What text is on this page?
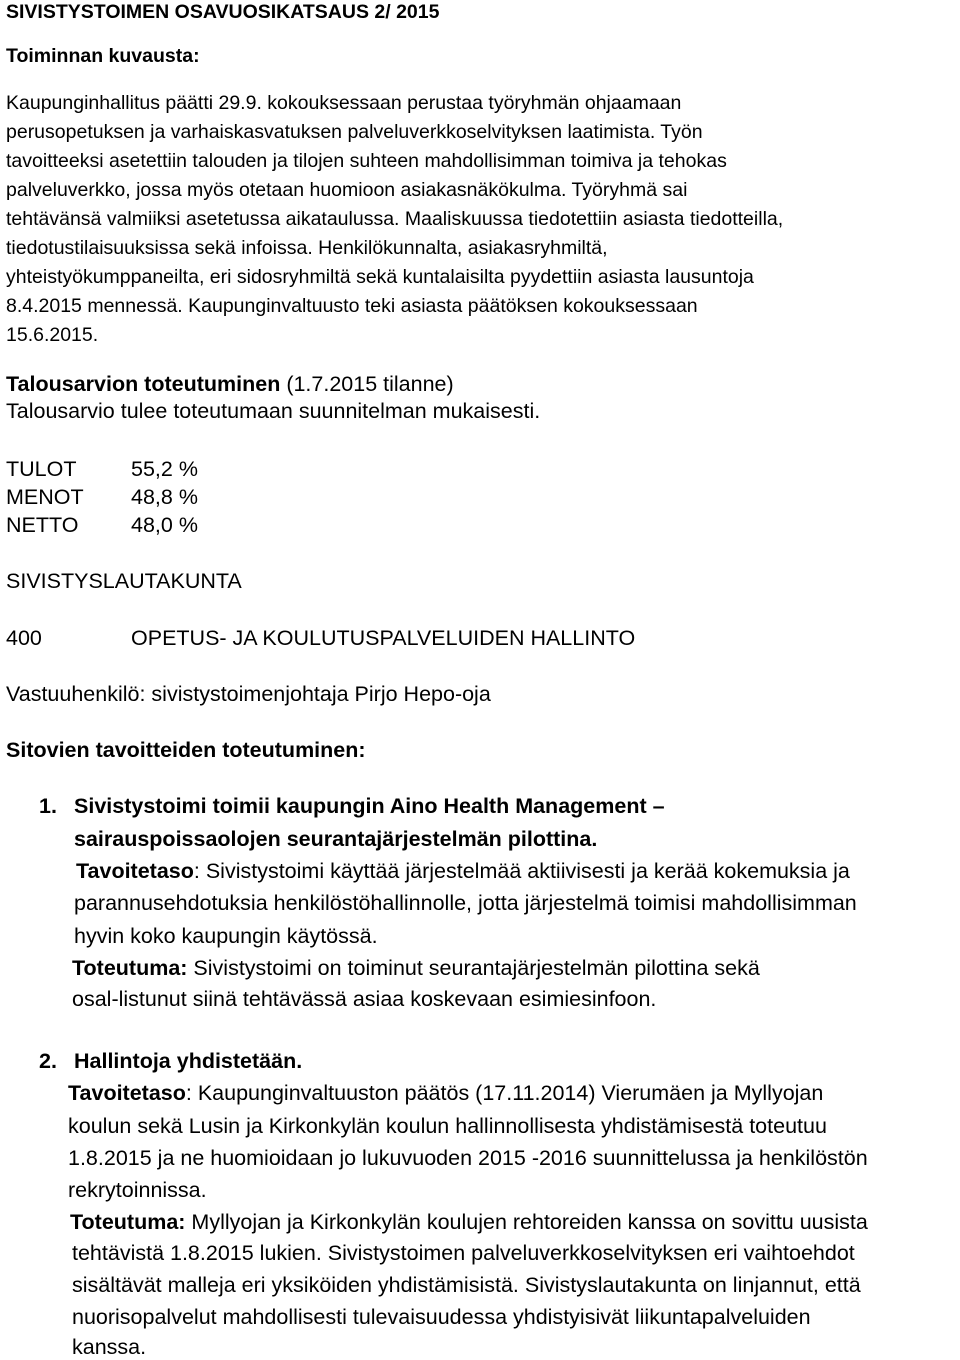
SIVISTYSTOIMEN OSAVUOSIKATSAUS 2/ 2015
Toiminnan kuvausta:
Kaupunginhallitus päätti 29.9. kokouksessaan perustaa työryhmän ohjaamaan
perusopetuksen ja varhaiskasvatuksen palveluverkkoselvityksen laatimista. Työn
tavoitteeksi asetettiin talouden ja tilojen suhteen mahdollisimman toimiva ja tehokas
palveluverkko, jossa myös otetaan huomioon asiakasnäkökulma. Työryhmä sai
tehtävänsä valmiiksi asetetussa aikataulussa. Maaliskuussa tiedotettiin asiasta tiedotteilla,
tiedotustilaisuuksissa sekä infoissa. Henkilökunnalta, asiakasryhmiltä,
yhteistyökumppaneilta, eri sidosryhmiltä sekä kuntalaisilta pyydettiin asiasta lausuntoja
8.4.2015 mennessä. Kaupunginvaltuusto teki asiasta päätöksen kokouksessaan
15.6.2015.
Talousarvion toteutuminen (1.7.2015 tilanne)
Talousarvio tulee toteutumaan suunnitelman mukaisesti.
TULOT	55,2 %
MENOT 48,8 %
NETTO 48,0 %
SIVISTYSLAUTAKUNTA
400	OPETUS- JA KOULUTUSPALVELUIDEN HALLINTO
Vastuuhenkilö: sivistystoimenjohtaja Pirjo Hepo-oja
Sitovien tavoitteiden toteutuminen:
1. Sivistystoimi toimii kaupungin Aino Health Management –
sairauspoissaolojen seurantajärjestelmän pilottina.
Tavoitetaso: Sivistystoimi käyttää järjestelmää aktiivisesti ja kerää kokemuksia ja
parannusehdotuksia henkilöstöhallinnolle, jotta järjestelmä toimisi mahdollisimman
hyvin koko kaupungin käytössä.
Toteutuma: Sivistystoimi on toiminut seurantajärjestelmän pilottina sekä
osal-listunut siinä tehtävässä asiaa koskevaan esimiesinfoon.
2. Hallintoja yhdistetään.
Tavoitetaso: Kaupunginvaltuuston päätös (17.11.2014) Vierumäen ja Myllyojan
koulun sekä Lusin ja Kirkonkylän koulun hallinnollisesta yhdistämisestä toteutuu
1.8.2015 ja ne huomioidaan jo lukuvuoden 2015 -2016 suunnittelussa ja henkilöstön
rekrytoinnissa.
Toteutuma: Myllyojan ja Kirkonkylän koulujen rehtoreiden kanssa on sovittu uusista
tehtävistä 1.8.2015 lukien. Sivistystoimen palveluverkkoselvityksen eri vaihtoehdot
sisältävät malleja eri yksiköiden yhdistämisistä. Sivistyslautakunta on linjannut, että
nuorisopalvelut mahdollisesti tulevaisuudessa yhdistyisivät liikuntapalveluiden
kanssa.
